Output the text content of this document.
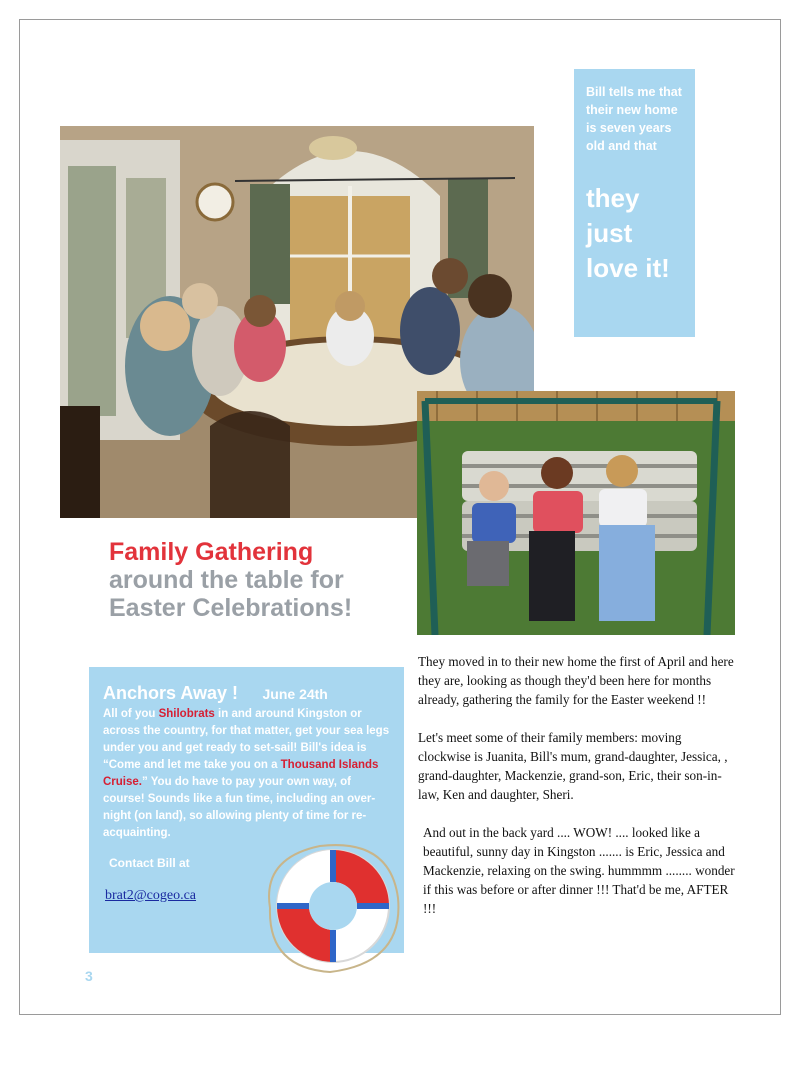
Bill tells me that their new home is seven years old and that
they just love it!
Family Gathering
around the table for Easter Celebrations!
Anchors Away ! June 24th
All of you Shilobrats in and around Kingston or across the country, for that matter, get your sea legs under you and get ready to set-sail! Bill's idea is “Come and let me take you on a Thousand Islands Cruise.” You do have to pay your own way, of course! Sounds like a fun time, including an over-night (on land), so allowing plenty of time for re-acquainting.
Contact Bill at
brat2@cogeo.ca

They moved in to their new home the first of April and here they are, looking as though they'd been here for months already, gathering the family for the Easter weekend !!

Let's meet some of their family members: moving clockwise is Juanita, Bill's mum, grand-daughter, Jessica, , grand-daughter, Mackenzie, grand-son, Eric, their son-in-law, Ken and daughter, Sheri.

And out in the back yard .... WOW! .... looked like a beautiful, sunny day in Kingston ....... is Eric, Jessica and Mackenzie, relaxing on the swing. hummmm ........ wonder if this was before or after dinner !!! That'd be me, AFTER !!!

3
